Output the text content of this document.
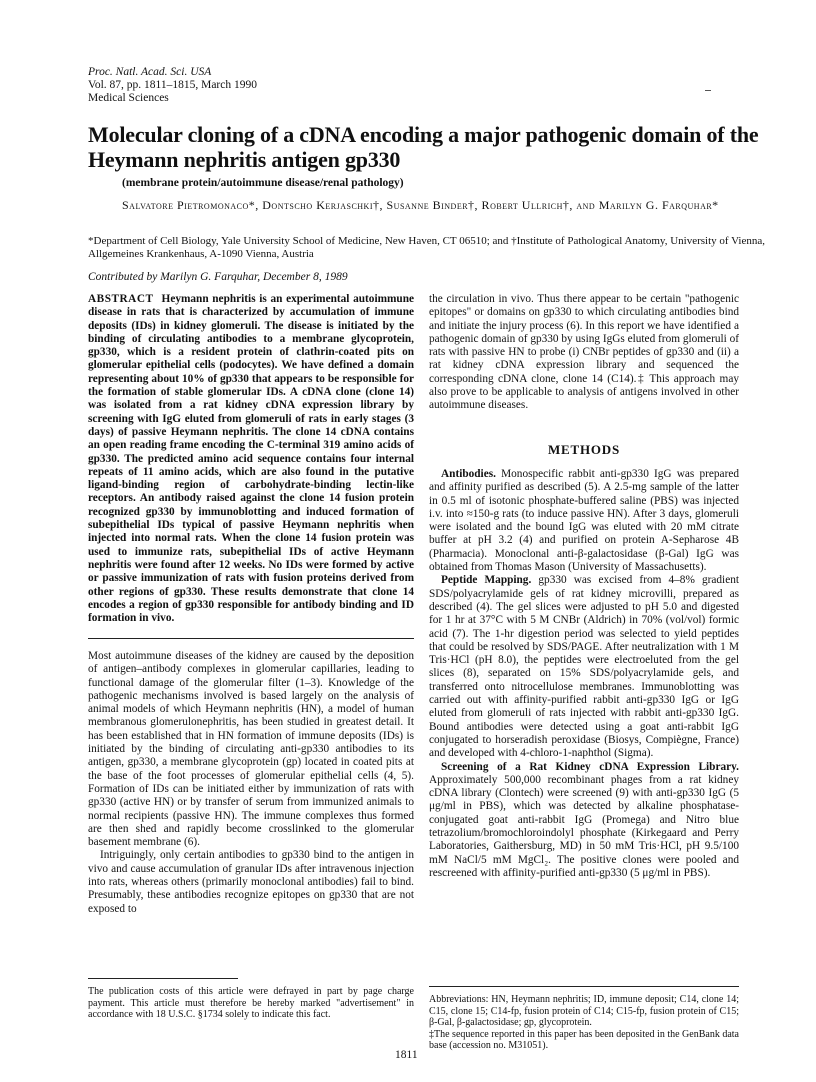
Proc. Natl. Acad. Sci. USA
Vol. 87, pp. 1811–1815, March 1990
Medical Sciences
Molecular cloning of a cDNA encoding a major pathogenic domain of the Heymann nephritis antigen gp330
(membrane protein/autoimmune disease/renal pathology)
Salvatore Pietromonaco*, Dontscho Kerjaschki†, Susanne Binder†, Robert Ullrich†, and Marilyn G. Farquhar*
*Department of Cell Biology, Yale University School of Medicine, New Haven, CT 06510; and †Institute of Pathological Anatomy, University of Vienna, Allgemeines Krankenhaus, A-1090 Vienna, Austria
Contributed by Marilyn G. Farquhar, December 8, 1989

ABSTRACT Heymann nephritis is an experimental autoimmune disease in rats that is characterized by accumulation of immune deposits (IDs) in kidney glomeruli. The disease is initiated by the binding of circulating antibodies to a membrane glycoprotein, gp330, which is a resident protein of clathrin-coated pits on glomerular epithelial cells (podocytes). We have defined a domain representing about 10% of gp330 that appears to be responsible for the formation of stable glomerular IDs. A cDNA clone (clone 14) was isolated from a rat kidney cDNA expression library by screening with IgG eluted from glomeruli of rats in early stages (3 days) of passive Heymann nephritis. The clone 14 cDNA contains an open reading frame encoding the C-terminal 319 amino acids of gp330. The predicted amino acid sequence contains four internal repeats of 11 amino acids, which are also found in the putative ligand-binding region of carbohydrate-binding lectin-like receptors. An antibody raised against the clone 14 fusion protein recognized gp330 by immunoblotting and induced formation of subepithelial IDs typical of passive Heymann nephritis when injected into normal rats. When the clone 14 fusion protein was used to immunize rats, subepithelial IDs of active Heymann nephritis were found after 12 weeks. No IDs were formed by active or passive immunization of rats with fusion proteins derived from other regions of gp330. These results demonstrate that clone 14 encodes a region of gp330 responsible for antibody binding and ID formation in vivo.

Most autoimmune diseases of the kidney are caused by the deposition of antigen–antibody complexes in glomerular capillaries, leading to functional damage of the glomerular filter (1–3). Knowledge of the pathogenic mechanisms involved is based largely on the analysis of animal models of which Heymann nephritis (HN), a model of human membranous glomerulonephritis, has been studied in greatest detail. It has been established that in HN formation of immune deposits (IDs) is initiated by the binding of circulating anti-gp330 antibodies to its antigen, gp330, a membrane glycoprotein (gp) located in coated pits at the base of the foot processes of glomerular epithelial cells (4, 5). Formation of IDs can be initiated either by immunization of rats with gp330 (active HN) or by transfer of serum from immunized animals to normal recipients (passive HN). The immune complexes thus formed are then shed and rapidly become crosslinked to the glomerular basement membrane (6).

Intriguingly, only certain antibodies to gp330 bind to the antigen in vivo and cause accumulation of granular IDs after intravenous injection into rats, whereas others (primarily monoclonal antibodies) fail to bind. Presumably, these antibodies recognize epitopes on gp330 that are not exposed to

The publication costs of this article were defrayed in part by page charge payment. This article must therefore be hereby marked "advertisement" in accordance with 18 U.S.C. §1734 solely to indicate this fact.

the circulation in vivo. Thus there appear to be certain "pathogenic epitopes" or domains on gp330 to which circulating antibodies bind and initiate the injury process (6). In this report we have identified a pathogenic domain of gp330 by using IgGs eluted from glomeruli of rats with passive HN to probe (i) CNBr peptides of gp330 and (ii) a rat kidney cDNA expression library and sequenced the corresponding cDNA clone, clone 14 (C14).‡ This approach may also prove to be applicable to analysis of antigens involved in other autoimmune diseases.

METHODS

Antibodies. Monospecific rabbit anti-gp330 IgG was prepared and affinity purified as described (5). A 2.5-mg sample of the latter in 0.5 ml of isotonic phosphate-buffered saline (PBS) was injected i.v. into ≈150-g rats (to induce passive HN). After 3 days, glomeruli were isolated and the bound IgG was eluted with 20 mM citrate buffer at pH 3.2 (4) and purified on protein A-Sepharose 4B (Pharmacia). Monoclonal anti-β-galactosidase (β-Gal) IgG was obtained from Thomas Mason (University of Massachusetts).

Peptide Mapping. gp330 was excised from 4–8% gradient SDS/polyacrylamide gels of rat kidney microvilli, prepared as described (4). The gel slices were adjusted to pH 5.0 and digested for 1 hr at 37°C with 5 M CNBr (Aldrich) in 70% (vol/vol) formic acid (7). The 1-hr digestion period was selected to yield peptides that could be resolved by SDS/PAGE. After neutralization with 1 M Tris·HCl (pH 8.0), the peptides were electroeluted from the gel slices (8), separated on 15% SDS/polyacrylamide gels, and transferred onto nitrocellulose membranes. Immunoblotting was carried out with affinity-purified rabbit anti-gp330 IgG or IgG eluted from glomeruli of rats injected with rabbit anti-gp330 IgG. Bound antibodies were detected using a goat anti-rabbit IgG conjugated to horseradish peroxidase (Biosys, Compiègne, France) and developed with 4-chloro-1-naphthol (Sigma).

Screening of a Rat Kidney cDNA Expression Library. Approximately 500,000 recombinant phages from a rat kidney cDNA library (Clontech) were screened (9) with anti-gp330 IgG (5 μg/ml in PBS), which was detected by alkaline phosphatase-conjugated goat anti-rabbit IgG (Promega) and Nitro blue tetrazolium/bromochloroindolyl phosphate (Kirkegaard and Perry Laboratories, Gaithersburg, MD) in 50 mM Tris·HCl, pH 9.5/100 mM NaCl/5 mM MgCl₂. The positive clones were pooled and rescreened with affinity-purified anti-gp330 (5 μg/ml in PBS).

Abbreviations: HN, Heymann nephritis; ID, immune deposit; C14, clone 14; C15, clone 15; C14-fp, fusion protein of C14; C15-fp, fusion protein of C15; β-Gal, β-galactosidase; gp, glycoprotein.
‡The sequence reported in this paper has been deposited in the GenBank data base (accession no. M31051).
1811
